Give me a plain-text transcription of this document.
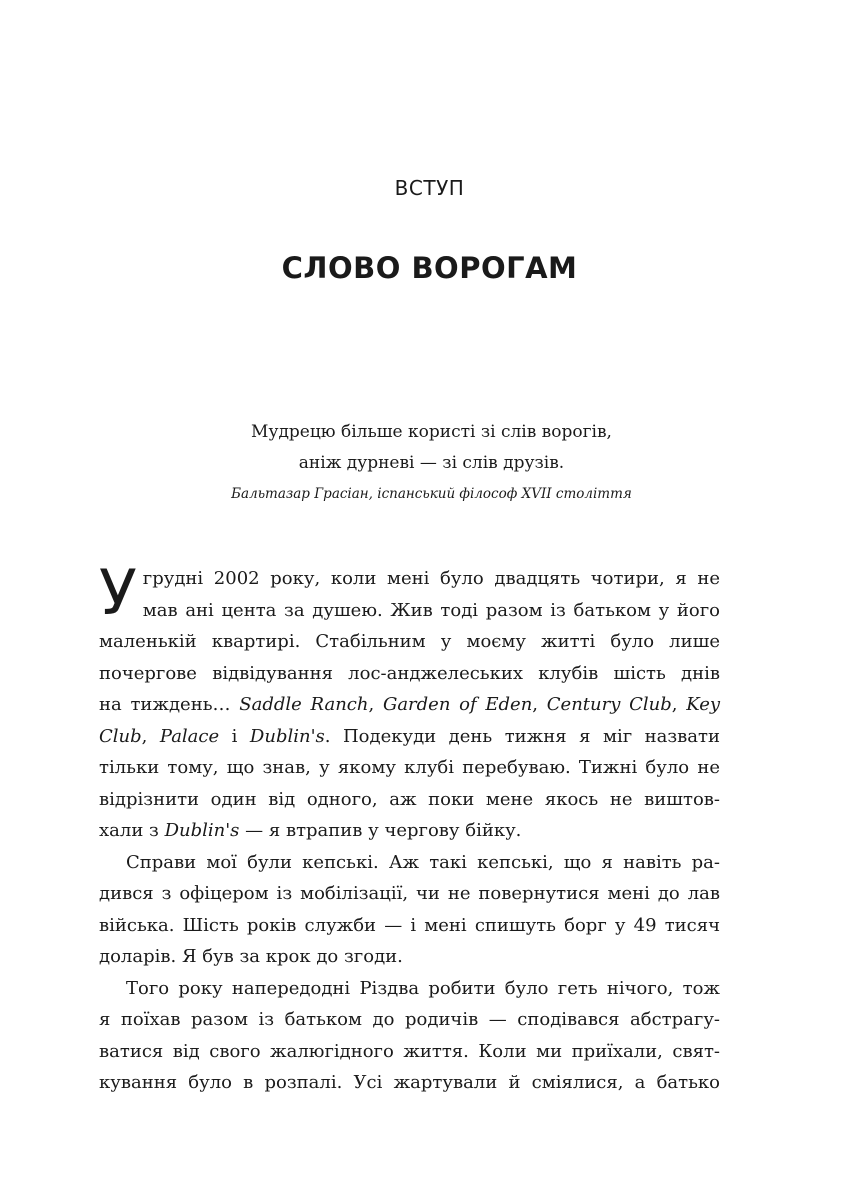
ВСТУП
СЛОВО ВОРОГАМ
Мудрецю більше користі зі слів ворогів,
аніж дурневі — зі слів друзів.
Бальтазар Грасіан, іспанський філософ XVII століття
У грудні 2002 року, коли мені було двадцять чотири, я не
мав ані цента за душею. Жив тоді разом із батьком у його
маленькій квартирі. Стабільним у моєму житті було лише
почергове відвідування лос-анджелеських клубів шість днів
на тиждень… Saddle Ranch, Garden of Eden, Century Club, Key
Club, Palace і Dublin's. Подекуди день тижня я міг назвати
тільки тому, що знав, у якому клубі перебуваю. Тижні було не
відрізнити один від одного, аж поки мене якось не виштов-
хали з Dublin's — я втрапив у чергову бійку.
Справи мої були кепські. Аж такі кепські, що я навіть ра-
дився з офіцером із мобілізації, чи не повернутися мені до лав
війська. Шість років служби — і мені спишуть борг у 49 тисяч
доларів. Я був за крок до згоди.
Того року напередодні Різдва робити було геть нічого, тож
я поїхав разом із батьком до родичів — сподівався абстрагу-
ватися від свого жалюгідного життя. Коли ми приїхали, свят-
кування було в розпалі. Усі жартували й сміялися, а батько
